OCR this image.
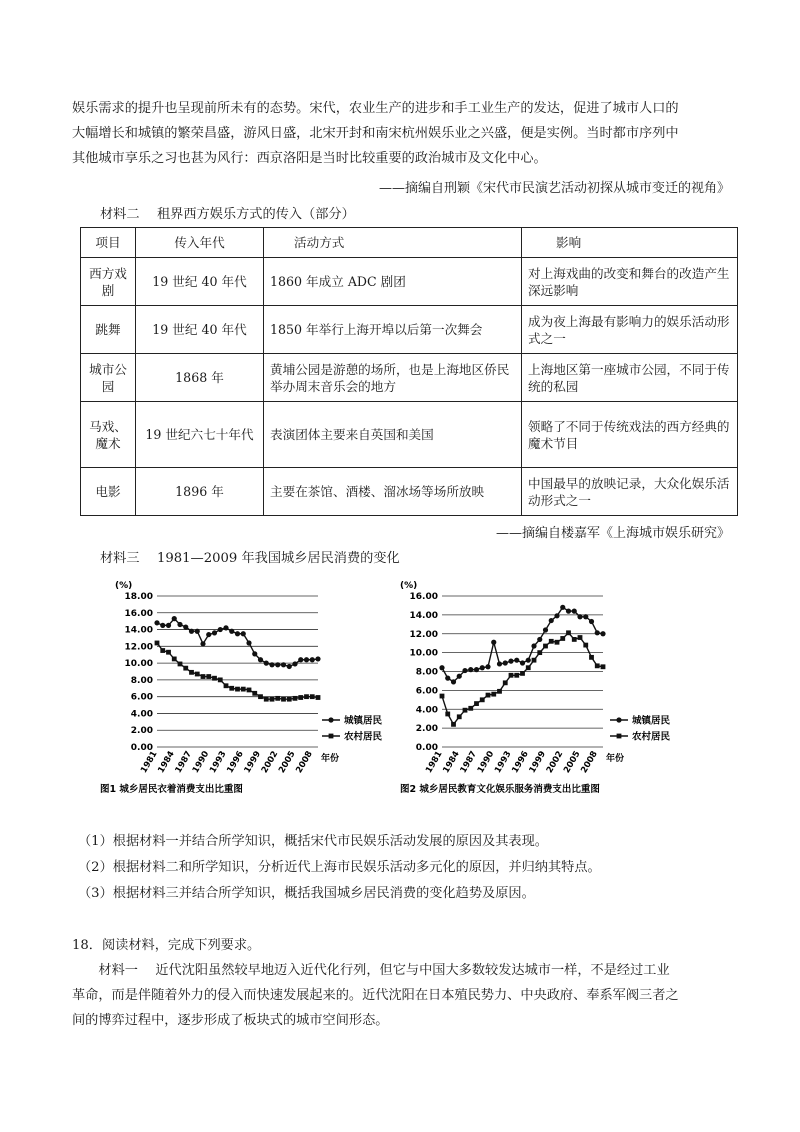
娱乐需求的提升也呈现前所未有的态势。宋代，农业生产的进步和手工业生产的发达，促进了城市人口的
大幅增长和城镇的繁荣昌盛，游风日盛，北宋开封和南宋杭州娱乐业之兴盛，便是实例。当时都市序列中
其他城市享乐之习也甚为风行：西京洛阳是当时比较重要的政治城市及文化中心。
——摘编自刑颖《宋代市民演艺活动初探从城市变迁的视角》
材料二　 租界西方娱乐方式的传入（部分）
项目	传入年代	活动方式	影响
西方戏剧	19 世纪 40 年代	1860 年成立 ADC 剧团	对上海戏曲的改变和舞台的改造产生深远影响
跳舞	19 世纪 40 年代	1850 年举行上海开埠以后第一次舞会	成为夜上海最有影响力的娱乐活动形式之一
城市公园	1868 年	黄埔公园是游憩的场所，也是上海地区侨民举办周末音乐会的地方	上海地区第一座城市公园，不同于传统的私园
马戏、魔术	19 世纪六七十年代	表演团体主要来自英国和美国	领略了不同于传统戏法的西方经典的魔术节目
电影	1896 年	主要在茶馆、酒楼、溜冰场等场所放映	中国最早的放映记录，大众化娱乐活动形式之一
——摘编自楼嘉军《上海城市娱乐研究》
材料三　 1981—2009 年我国城乡居民消费的变化
(%)
0.00
2.00
4.00
6.00
8.00
10.00
12.00
14.00
16.00
18.00
1981
1984
1987
1990
1993
1996
1999
2002
2005
2008 年份
城镇居民
农村居民
图1 城乡居民衣着消费支出比重图
(%)
0.00
2.00
4.00
6.00
8.00
10.00
12.00
14.00
16.00
1981
1984
1987
1990
1993
1996
1999
2002
2005
2008 年份
城镇居民
农村居民
图2 城乡居民教育文化娱乐服务消费支出比重图
（1）根据材料一并结合所学知识，概括宋代市民娱乐活动发展的原因及其表现。
（2）根据材料二和所学知识，分析近代上海市民娱乐活动多元化的原因，并归纳其特点。
（3）根据材料三并结合所学知识，概括我国城乡居民消费的变化趋势及原因。
18．阅读材料，完成下列要求。
材料一　 近代沈阳虽然较早地迈入近代化行列，但它与中国大多数较发达城市一样，不是经过工业
革命，而是伴随着外力的侵入而快速发展起来的。近代沈阳在日本殖民势力、中央政府、奉系军阀三者之
间的博弈过程中，逐步形成了板块式的城市空间形态。
